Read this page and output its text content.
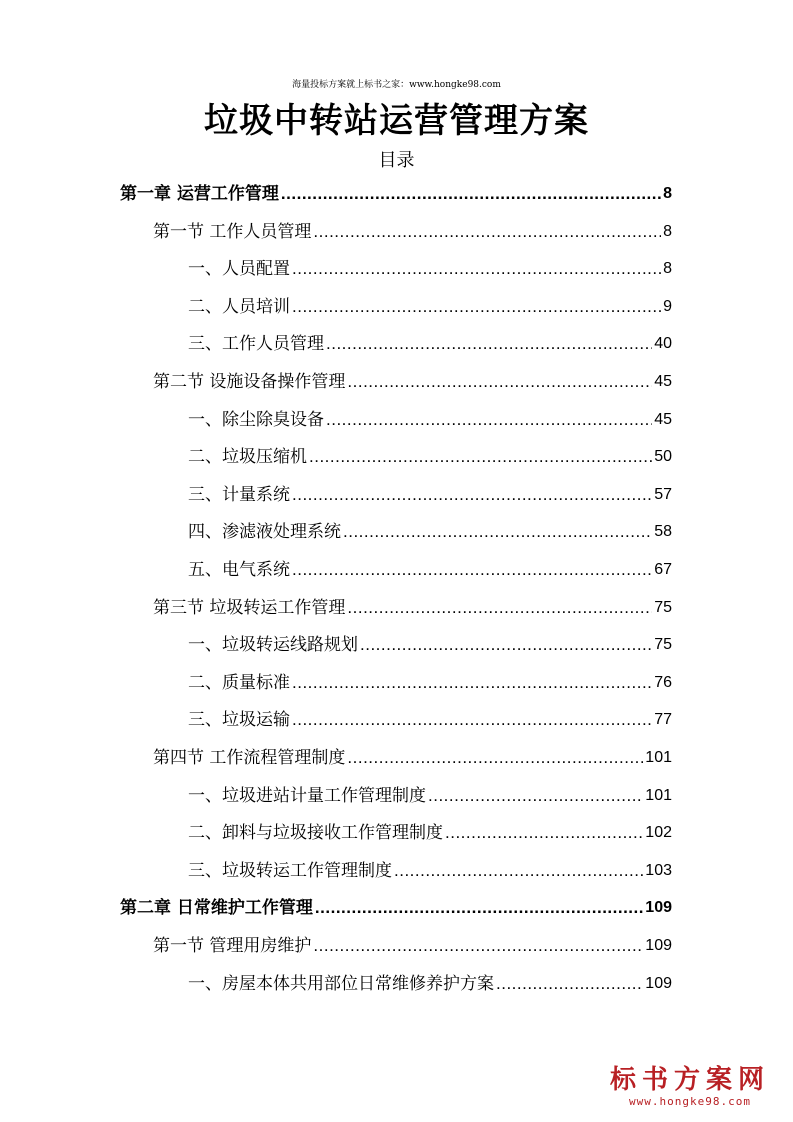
海量投标方案就上标书之家：www.hongke98.com
垃圾中转站运营管理方案
目录
第一章 运营工作管理 .....	8
第一节 工作人员管理 .....	8
一、人员配置 .....	8
二、人员培训 .....	9
三、工作人员管理 .....	40
第二节 设施设备操作管理 .....	45
一、除尘除臭设备 .....	45
二、垃圾压缩机 .....	50
三、计量系统 .....	57
四、渗滤液处理系统 .....	58
五、电气系统 .....	67
第三节 垃圾转运工作管理 .....	75
一、垃圾转运线路规划 .....	75
二、质量标准 .....	76
三、垃圾运输 .....	77
第四节 工作流程管理制度 .....	101
一、垃圾进站计量工作管理制度 .....	101
二、卸料与垃圾接收工作管理制度 .....	102
三、垃圾转运工作管理制度 .....	103
第二章 日常维护工作管理 .....	109
第一节 管理用房维护 .....	109
一、房屋本体共用部位日常维修养护方案 .....	109
标书方案网
www.hongke98.com
